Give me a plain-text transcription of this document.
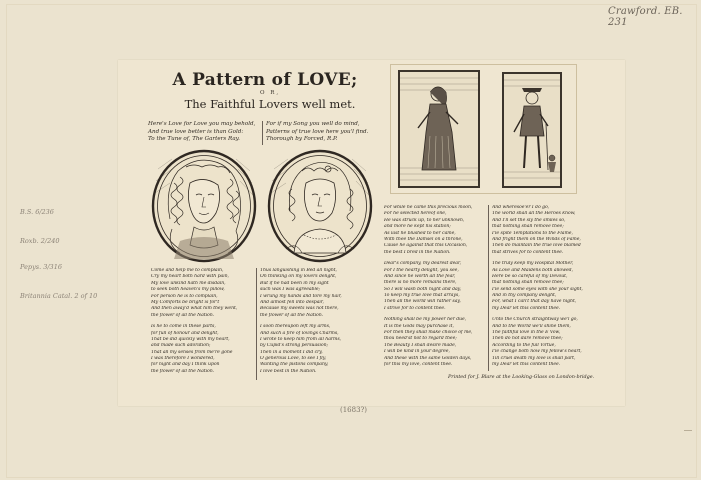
Crawford. EB. 231
B.S. 6/236
Roxb. 2/240
Pepys. 3/316
Britannia Catal. 2 of 10
(1683?)
A Pattern of LOVE;
O R,
The Faithful Lovers well met.
Here's Love for Love you may behold,
And true love better is than Gold:
To the Tune of, The Garters Ray.
For if my Song you well do mind,
Patterns of true love here you'l find.
Thorough by Forced, R.P.
Come and help me to complain,
Cry my heart both hard with pain,
My love unkind hath me disdain,
to seek both heaven's my pillow,
For person he is to complain,
My Comforts be bright is for't
And then away'd what him they went,
the flower of all the Nation.
Is he to come in these parts,
for full of honour and delight,
That be did quickly with my heart,
and made such adoration;
That all my senses from me're gone
I was therefore I wondered,
for night and day I think upon
the flower of all the Nation.
Thus languishing in Bed all night,
On thinking on my lovers delight,
But if he had been in my sight
such was I was agreeable;
I wrung my hands and tore my hair,
And almost fell into despair,
Because my sweets was not there,
the flower of all the Nation.
I soon thereupon left my arms,
And such a fire of lovings Charms,
I wrote to keep him from all harms,
by Cupid's strong persuasion;
Then in a moment I did cry,
O generous Love, to see I fly,
Wanting the pistons company,
I love best in the Nation.
For while he came this precious moon,
For he selected hereof one,
He was struck up, to her unknown,
and more he kept his station;
As last he blushed to her came,
With thee the Damsel on a throne,
Cause he against that this Occasion,
the best I bred in the Nation.
Dear's company, my dearest dear,
For I the hearty delight, you see,
And since he worth all the fear,
there is no more remains there,
So I will wash both night and day,
To keep my true love that arrays,
Then all the world will rather say,
I strive for to content thee.
Nothing shall be my power her due,
It is the Gods may purchase it,
For then they shall make choice of me,
thou need'st not to regard thee;
The Beauty I shall desire made,
I will be kind in your degree,
And these with the same Golden days,
for this my love, content thee.
And wheresoe'er I do go,
The world shall all the Heroes know,
And I'll set the sly the smiles so,
that nothing shall remove thee;
I'le spite Temptations to the Flame,
And fright them on the Winds of Fame,
Then do maintain the true love blamed
that strives for to content thee.
The truly keep my Hospital Mother,
As Love and Maidens both allowed,
Here be so careful of my Devout,
that nothing shall remove thee;
I'le send some eyes with she your sight,
And in thy company delight,
For, what I can't that day have night,
my Dear let this content thee.
Unto the Church straightway we'l go,
And to the World we'll shine them,
The faithful love in the E Vow,
Then do not dare remove thee;
According to the full Virtue,
I'le change both now my fellow's heart,
Till cruel death my love is shall part,
my Dear let this content thee.
Printed for J. Blare at the Looking-Glass on London-bridge.
